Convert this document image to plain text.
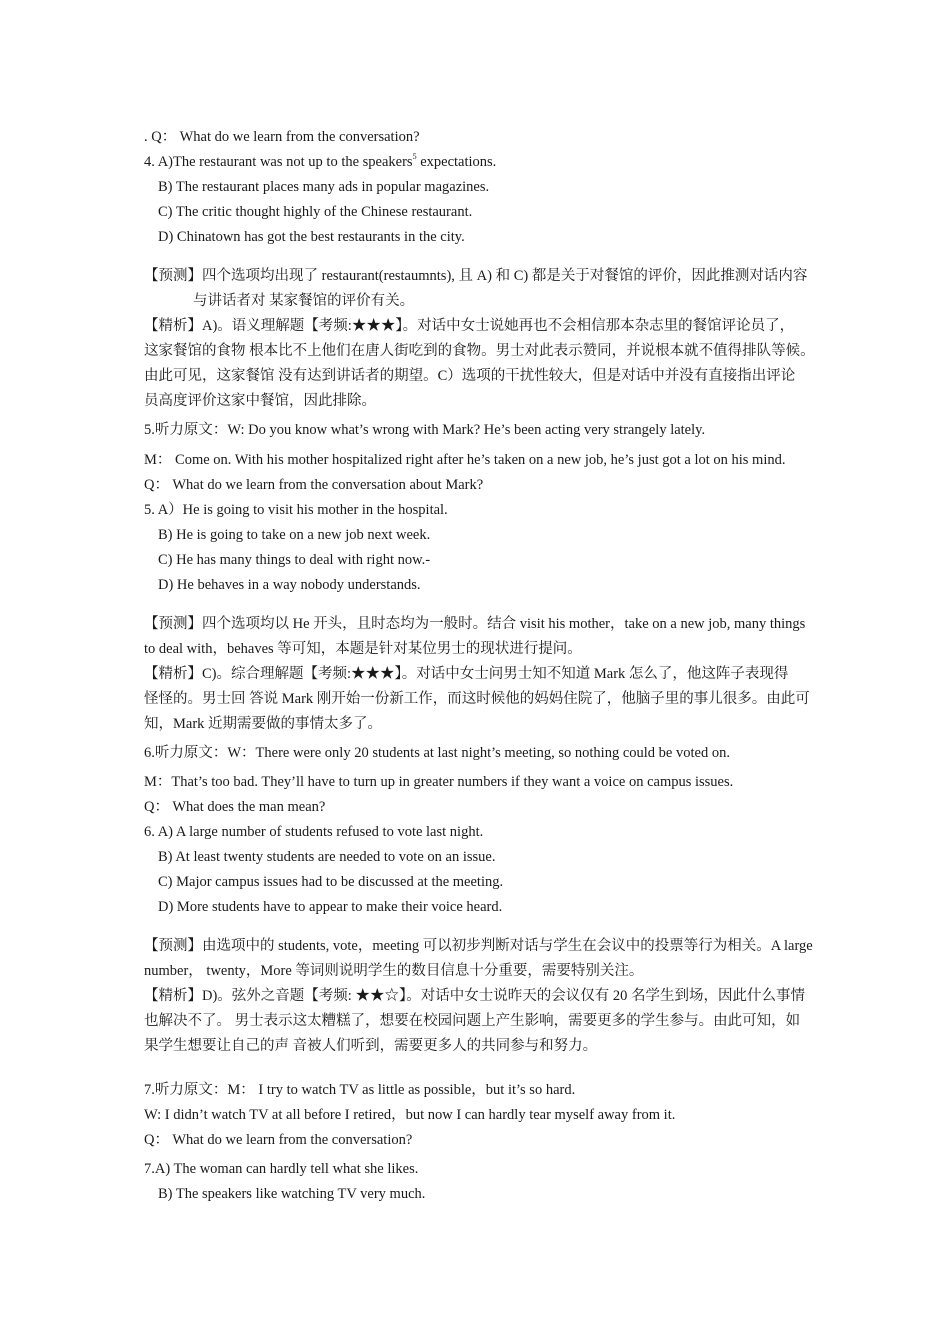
. Q： What do we learn from the conversation?
4. A)The restaurant was not up to the speakers$^5$ expectations.
B) The restaurant places many ads in popular magazines.
C) The critic thought highly of the Chinese restaurant.
D) Chinatown has got the best restaurants in the city.
【预测】四个选项均出现了 restaurant(restaumnts), 且 A) 和 C) 都是关于对餐馆的评价，因此推测对话内容
与讲话者对 某家餐馆的评价有关。
【精析】A)。语义理解题【考频:★★★】。对话中女士说她再也不会相信那本杂志里的餐馆评论员了，
这家餐馆的食物 根本比不上他们在唐人街吃到的食物。男士对此表示赞同，并说根本就不值得排队等候。
由此可见，这家餐馆 没有达到讲话者的期望。C）选项的干扰性较大，但是对话中并没有直接指出评论
员高度评价这家中餐馆，因此排除。
5.听力原文：W: Do you know what’s wrong with Mark? He’s been acting very strangely lately.
M： Come on. With his mother hospitalized right after he’s taken on a new job, he’s just got a lot on his mind.
Q： What do we learn from the conversation about Mark?
5. A）He is going to visit his mother in the hospital.
B) He is going to take on a new job next week.
C) He has many things to deal with right now.-
D) He behaves in a way nobody understands.
【预测】四个选项均以 He 开头，且时态均为一般时。结合 visit his mother，take on a new job, many things
to deal with，behaves 等可知，本题是针对某位男士的现状进行提问。
【精析】C)。综合理解题【考频:★★★】。对话中女士问男士知不知道 Mark 怎么了，他这阵子表现得
怪怪的。男士回 答说 Mark 刚开始一份新工作，而这时候他的妈妈住院了，他脑子里的事儿很多。由此可
知，Mark 近期需要做的事情太多了。
6.听力原文：W：There were only 20 students at last night’s meeting, so nothing could be voted on.
M：That’s too bad. They’ll have to turn up in greater numbers if they want a voice on campus issues.
Q： What does the man mean?
6. A) A large number of students refused to vote last night.
B) At least twenty students are needed to vote on an issue.
C) Major campus issues had to be discussed at the meeting.
D) More students have to appear to make their voice heard.
【预测】由选项中的 students, vote，meeting 可以初步判断对话与学生在会议中的投票等行为相关。A large
number， twenty，More 等词则说明学生的数目信息十分重要，需要特别关注。
【精析】D)。弦外之音题【考频: ★★☆】。对话中女士说昨天的会议仅有 20 名学生到场，因此什么事情
也解决不了。 男士表示这太糟糕了，想要在校园问题上产生影响，需要更多的学生参与。由此可知，如
果学生想要让自己的声 音被人们听到，需要更多人的共同参与和努力。
7.听力原文：M： I try to watch TV as little as possible，but it’s so hard.
W: I didn’t watch TV at all before I retired，but now I can hardly tear myself away from it.
Q： What do we learn from the conversation?
7.A) The woman can hardly tell what she likes.
B) The speakers like watching TV very much.
